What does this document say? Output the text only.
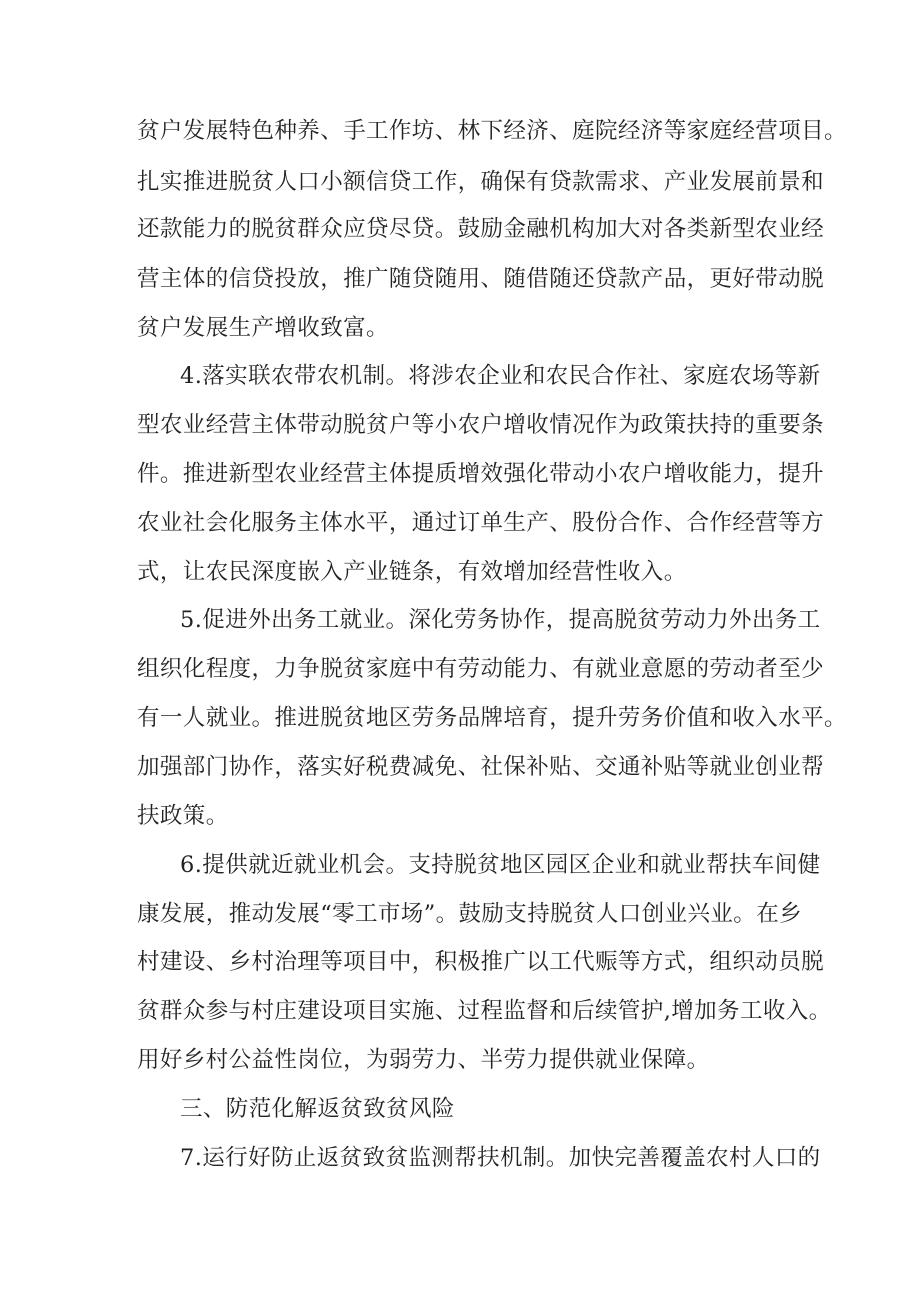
贫户发展特色种养、手工作坊、林下经济、庭院经济等家庭经营项目。
扎实推进脱贫人口小额信贷工作，确保有贷款需求、产业发展前景和
还款能力的脱贫群众应贷尽贷。鼓励金融机构加大对各类新型农业经
营主体的信贷投放，推广随贷随用、随借随还贷款产品，更好带动脱
贫户发展生产增收致富。
4.落实联农带农机制。将涉农企业和农民合作社、家庭农场等新
型农业经营主体带动脱贫户等小农户增收情况作为政策扶持的重要条
件。推进新型农业经营主体提质增效强化带动小农户增收能力，提升
农业社会化服务主体水平，通过订单生产、股份合作、合作经营等方
式，让农民深度嵌入产业链条，有效增加经营性收入。
5.促进外出务工就业。深化劳务协作，提高脱贫劳动力外出务工
组织化程度，力争脱贫家庭中有劳动能力、有就业意愿的劳动者至少
有一人就业。推进脱贫地区劳务品牌培育，提升劳务价值和收入水平。
加强部门协作，落实好税费减免、社保补贴、交通补贴等就业创业帮
扶政策。
6.提供就近就业机会。支持脱贫地区园区企业和就业帮扶车间健
康发展，推动发展“零工市场”。鼓励支持脱贫人口创业兴业。在乡
村建设、乡村治理等项目中，积极推广以工代赈等方式，组织动员脱
贫群众参与村庄建设项目实施、过程监督和后续管护,增加务工收入。
用好乡村公益性岗位，为弱劳力、半劳力提供就业保障。
三、防范化解返贫致贫风险
7.运行好防止返贫致贫监测帮扶机制。加快完善覆盖农村人口的
